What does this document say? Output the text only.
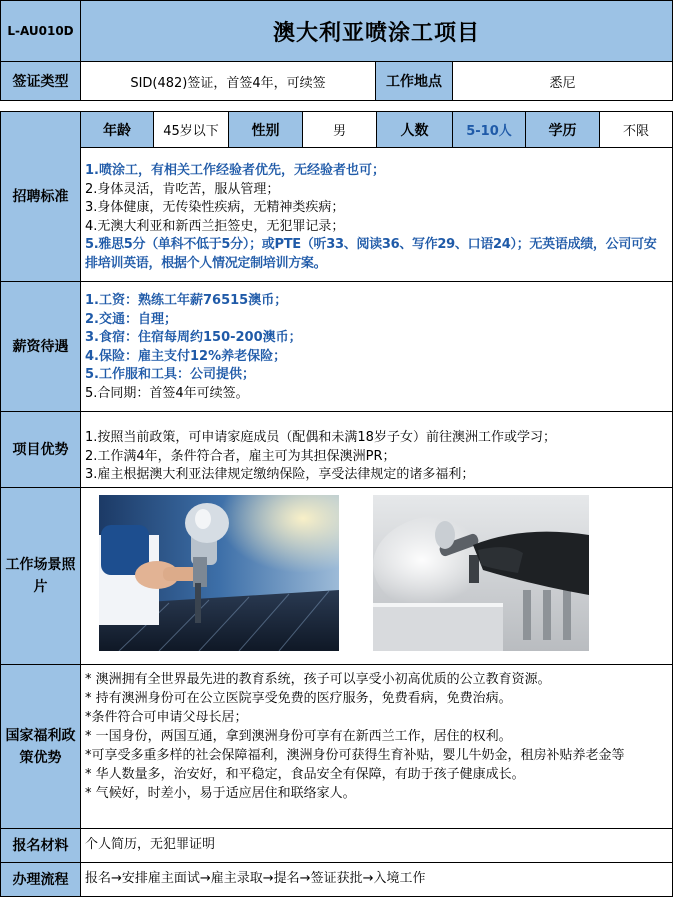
L-AU010D	澳大利亚喷涂工项目
签证类型	SID(482)签证，首签4年，可续签	工作地点	悉尼
年龄	45岁以下	性别	男	人数	5-10人	学历	不限
招聘标准
1.喷涂工，有相关工作经验者优先，无经验者也可；
2.身体灵活，肯吃苦，服从管理；
3.身体健康，无传染性疾病，无精神类疾病；
4.无澳大利亚和新西兰拒签史，无犯罪记录；
5.雅思5分（单科不低于5分）；或PTE（听33、阅读36、写作29、口语24）；无英语成绩，公司可安排培训英语，根据个人情况定制培训方案。
薪资待遇
1.工资：熟练工年薪76515澳币；
2.交通：自理；
3.食宿：住宿每周约150-200澳币；
4.保险：雇主支付12%养老保险；
5.工作服和工具：公司提供；
5.合同期：首签4年可续签。
项目优势
1.按照当前政策，可申请家庭成员（配偶和未满18岁子女）前往澳洲工作或学习；
2.工作满4年，条件符合者，雇主可为其担保澳洲PR；
3.雇主根据澳大利亚法律规定缴纳保险，享受法律规定的诸多福利；
工作场景照片
国家福利政策优势
* 澳洲拥有全世界最先进的教育系统，孩子可以享受小初高优质的公立教育资源。
* 持有澳洲身份可在公立医院享受免费的医疗服务，免费看病，免费治病。
*条件符合可申请父母长居；
* 一国身份，两国互通，拿到澳洲身份可享有在新西兰工作，居住的权利。
*可享受多重多样的社会保障福利，澳洲身份可获得生育补贴，婴儿牛奶金，租房补贴养老金等
* 华人数量多，治安好，和平稳定，食品安全有保障，有助于孩子健康成长。
* 气候好，时差小，易于适应居住和联络家人。
报名材料	个人简历，无犯罪证明
办理流程	报名→安排雇主面试→雇主录取→提名→签证获批→入境工作
